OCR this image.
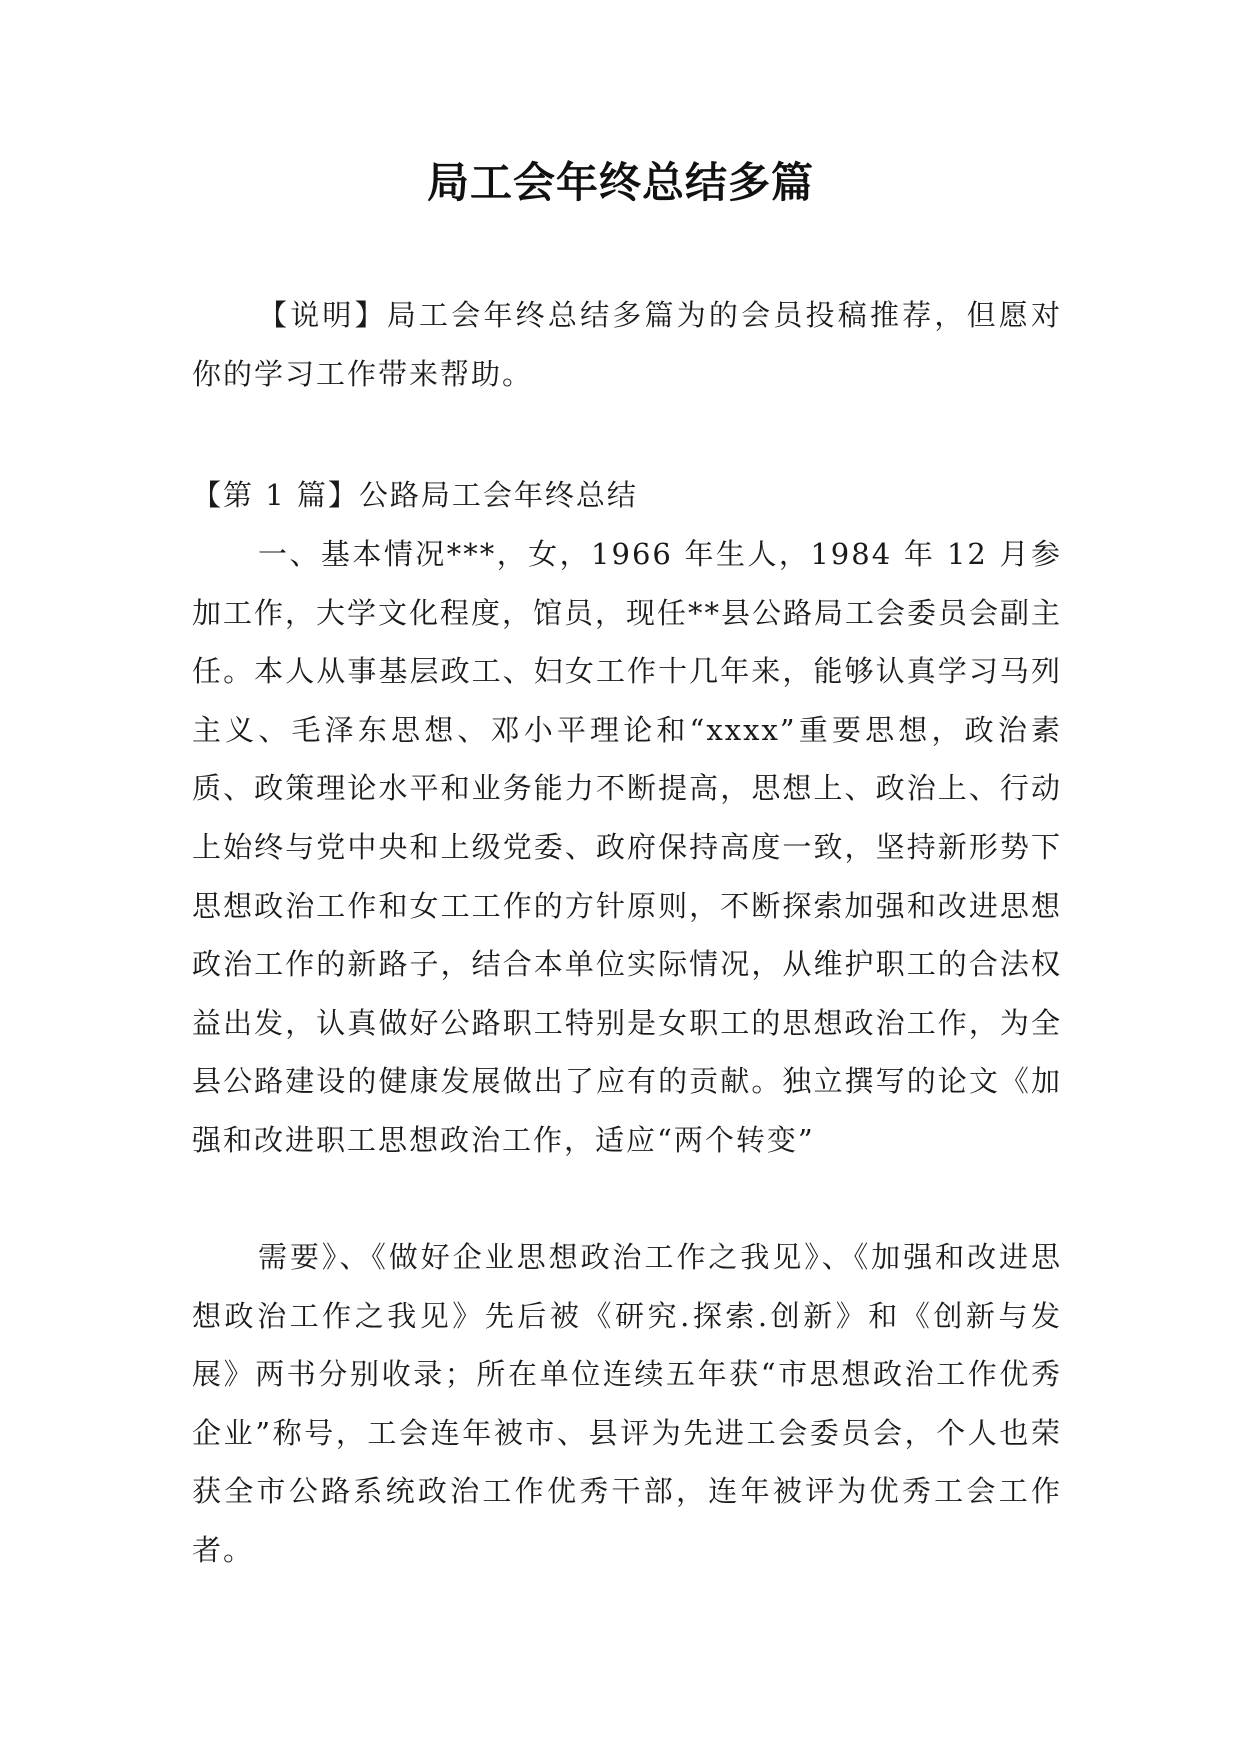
局工会年终总结多篇
【说明】局工会年终总结多篇为的会员投稿推荐，但愿对你的学习工作带来帮助。
【第 1 篇】公路局工会年终总结
一、基本情况***，女，1966 年生人，1984 年 12 月参加工作，大学文化程度，馆员，现任**县公路局工会委员会副主任。本人从事基层政工、妇女工作十几年来，能够认真学习马列主义、毛泽东思想、邓小平理论和“xxxx”重要思想，政治素质、政策理论水平和业务能力不断提高，思想上、政治上、行动上始终与党中央和上级党委、政府保持高度一致，坚持新形势下思想政治工作和女工工作的方针原则，不断探索加强和改进思想政治工作的新路子，结合本单位实际情况，从维护职工的合法权益出发，认真做好公路职工特别是女职工的思想政治工作，为全县公路建设的健康发展做出了应有的贡献。独立撰写的论文《加强和改进职工思想政治工作，适应“两个转变”
需要》、《做好企业思想政治工作之我见》、《加强和改进思想政治工作之我见》先后被《研究.探索.创新》和《创新与发展》两书分别收录；所在单位连续五年获“市思想政治工作优秀企业”称号，工会连年被市、县评为先进工会委员会，个人也荣获全市公路系统政治工作优秀干部，连年被评为优秀工会工作者。
